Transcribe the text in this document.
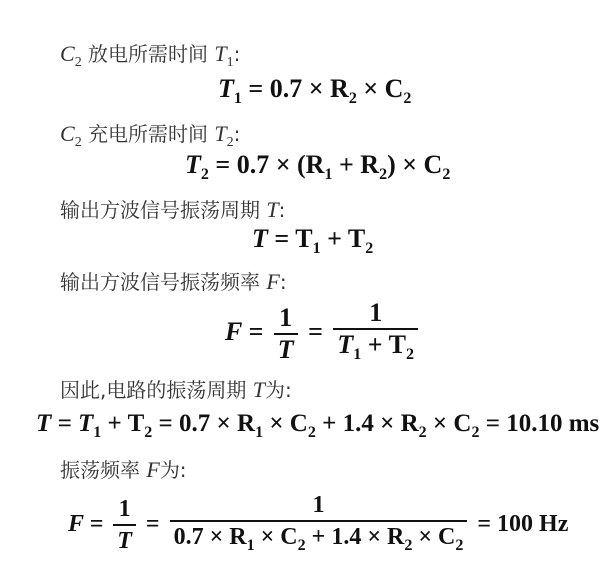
$C_2$ 放电所需时间 $T_1$:
$T_1 = 0.7 \times R_2 \times C_2$
$C_2$ 充电所需时间 $T_2$:
$T_2 = 0.7 \times (R_1 + R_2) \times C_2$
输出方波信号振荡周期 T:
$T = T_1 + T_2$
输出方波信号振荡频率 F:
$F = \frac{1}{T} = \frac{1}{T_1 + T_2}$
因此,电路的振荡周期 T为:
$T = T_1 + T_2 = 0.7 \times R_1 \times C_2 + 1.4 \times R_2 \times C_2 = 10.10$ ms
振荡频率 F为:
$F = \frac{1}{T} = \frac{1}{0.7 \times R_1 \times C_2 + 1.4 \times R_2 \times C_2} = 100$ Hz
